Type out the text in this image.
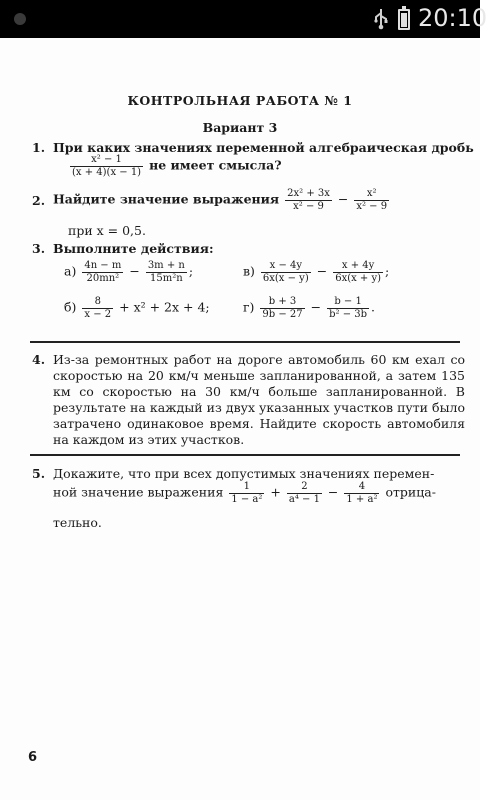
20:10
КОНТРОЛЬНАЯ РАБОТА № 1
Вариант 3
1. При каких значениях переменной алгебраическая дробь
$\frac{\text{x² − 1}}{(x + 4)(x - 1)}$ не имеет смысла?
2. Найдите значение выражения $\frac{\text{2x² + 3x}}{\text{x² − 9}} - \frac{\text{x²}}{\text{x² − 9}}$
при x = 0,5.
3. Выполните действия:
$а) \frac{4n - m}{\text{20mn²}} - \frac{3m + n}{\text{15m²n}}$ ;	$в) \frac{x - 4y}{6x(x - y)} - \frac{x + 4y}{6x(x + y)}$ ;
$б) \frac{8}{x - 2} + x^2 + 2x + 4$;	$г) \frac{b + 3}{9b - 27} - \frac{b - 1}{\text{b² − 3b}}$ .
4. Из-за ремонтных работ на дороге автомобиль 60 км ехал со скоростью на 20 км/ч меньше запланированной, а затем 135 км со скоростью на 30 км/ч больше запланированной. В результате на каждый из двух указанных участков пути было затрачено одинаковое время. Найдите скорость автомобиля на каждом из этих участков.
5. Докажите, что при всех допустимых значениях перемен-
ной значение выражения $\frac{1}{\text{1 − a²}} + \frac{2}{\text{a⁴ − 1}} - \frac{4}{\text{1 + a²}}$ отрица-
тельно.
6
